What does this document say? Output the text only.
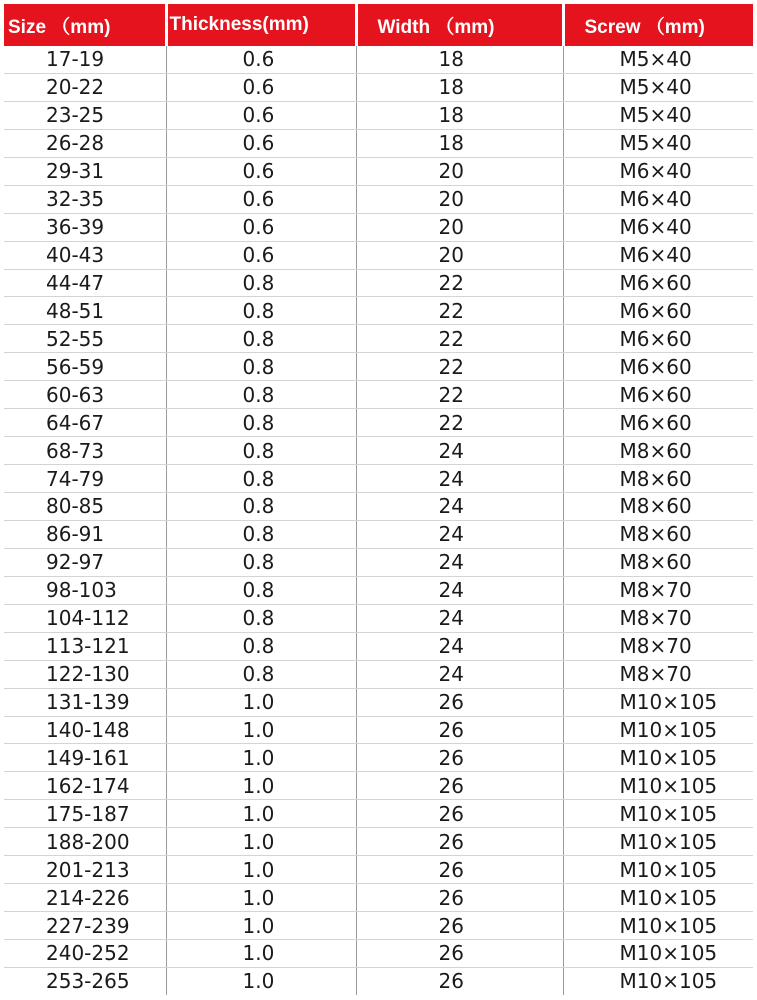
Size （mm)	Thickness(mm)	Width （mm)	Screw （mm)
17-19	0.6	18	M5×40
20-22	0.6	18	M5×40
23-25	0.6	18	M5×40
26-28	0.6	18	M5×40
29-31	0.6	20	M6×40
32-35	0.6	20	M6×40
36-39	0.6	20	M6×40
40-43	0.6	20	M6×40
44-47	0.8	22	M6×60
48-51	0.8	22	M6×60
52-55	0.8	22	M6×60
56-59	0.8	22	M6×60
60-63	0.8	22	M6×60
64-67	0.8	22	M6×60
68-73	0.8	24	M8×60
74-79	0.8	24	M8×60
80-85	0.8	24	M8×60
86-91	0.8	24	M8×60
92-97	0.8	24	M8×60
98-103	0.8	24	M8×70
104-112	0.8	24	M8×70
113-121	0.8	24	M8×70
122-130	0.8	24	M8×70
131-139	1.0	26	M10×105
140-148	1.0	26	M10×105
149-161	1.0	26	M10×105
162-174	1.0	26	M10×105
175-187	1.0	26	M10×105
188-200	1.0	26	M10×105
201-213	1.0	26	M10×105
214-226	1.0	26	M10×105
227-239	1.0	26	M10×105
240-252	1.0	26	M10×105
253-265	1.0	26	M10×105
